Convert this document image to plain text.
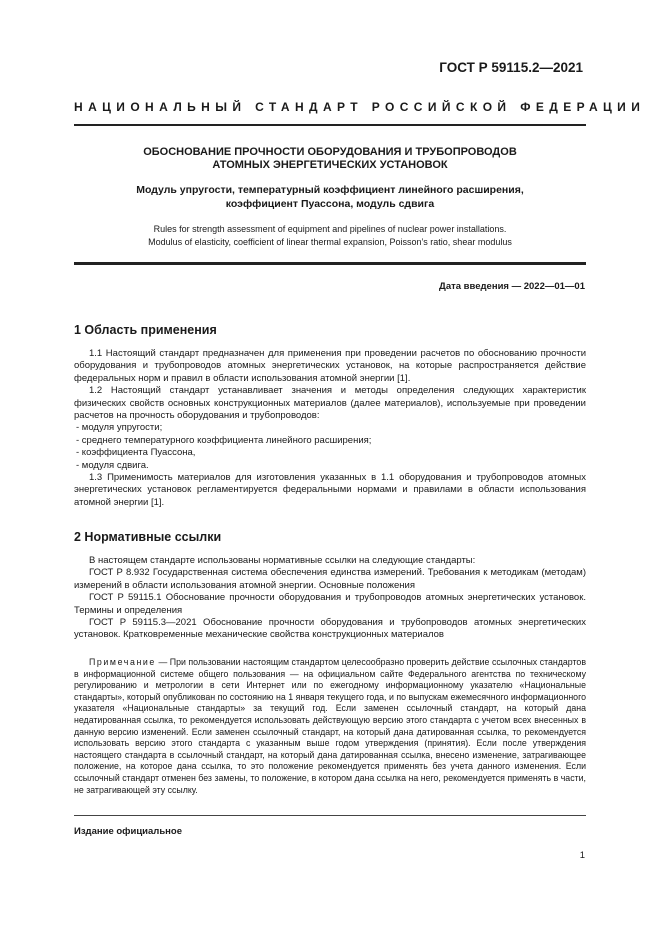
ГОСТ Р 59115.2—2021
НАЦИОНАЛЬНЫЙ СТАНДАРТ РОССИЙСКОЙ ФЕДЕРАЦИИ
ОБОСНОВАНИЕ ПРОЧНОСТИ ОБОРУДОВАНИЯ И ТРУБОПРОВОДОВ
АТОМНЫХ ЭНЕРГЕТИЧЕСКИХ УСТАНОВОК
Модуль упругости, температурный коэффициент линейного расширения,
коэффициент Пуассона, модуль сдвига
Rules for strength assessment of equipment and pipelines of nuclear power installations.
Modulus of elasticity, coefficient of linear thermal expansion, Poisson’s ratio, shear modulus
Дата введения — 2022—01—01
1 Область применения

1.1 Настоящий стандарт предназначен для применения при проведении расчетов по обоснованию прочности оборудования и трубопроводов атомных энергетических установок, на которые распространяется действие федеральных норм и правил в области использования атомной энергии [1].

1.2 Настоящий стандарт устанавливает значения и методы определения следующих характеристик физических свойств основных конструкционных материалов (далее материалов), используемые при проведении расчетов на прочность оборудования и трубопроводов:

- модуля упругости;

- среднего температурного коэффициента линейного расширения;

- коэффициента Пуассона,

- модуля сдвига.

1.3 Применимость материалов для изготовления указанных в 1.1 оборудования и трубопроводов атомных энергетических установок регламентируется федеральными нормами и правилами в области использования атомной энергии [1].

2 Нормативные ссылки

В настоящем стандарте использованы нормативные ссылки на следующие стандарты:

ГОСТ Р 8.932 Государственная система обеспечения единства измерений. Требования к методикам (методам) измерений в области использования атомной энергии. Основные положения

ГОСТ Р 59115.1 Обоснование прочности оборудования и трубопроводов атомных энергетических установок. Термины и определения

ГОСТ Р 59115.3—2021 Обоснование прочности оборудования и трубопроводов атомных энергетических установок. Кратковременные механические свойства конструкционных материалов

Примечание — При пользовании настоящим стандартом целесообразно проверить действие ссылочных стандартов в информационной системе общего пользования — на официальном сайте Федерального агентства по техническому регулированию и метрологии в сети Интернет или по ежегодному информационному указателю «Национальные стандарты», который опубликован по состоянию на 1 января текущего года, и по выпускам ежемесячного информационного указателя «Национальные стандарты» за текущий год. Если заменен ссылочный стандарт, на который дана недатированная ссылка, то рекомендуется использовать действующую версию этого стандарта с учетом всех внесенных в данную версию изменений. Если заменен ссылочный стандарт, на который дана датированная ссылка, то рекомендуется использовать версию этого стандарта с указанным выше годом утверждения (принятия). Если после утверждения настоящего стандарта в ссылочный стандарт, на который дана датированная ссылка, внесено изменение, затрагивающее положение, на которое дана ссылка, то это положение рекомендуется применять без учета данного изменения. Если ссылочный стандарт отменен без замены, то положение, в котором дана ссылка на него, рекомендуется применять в части, не затрагивающей эту ссылку.
Издание официальное
1
